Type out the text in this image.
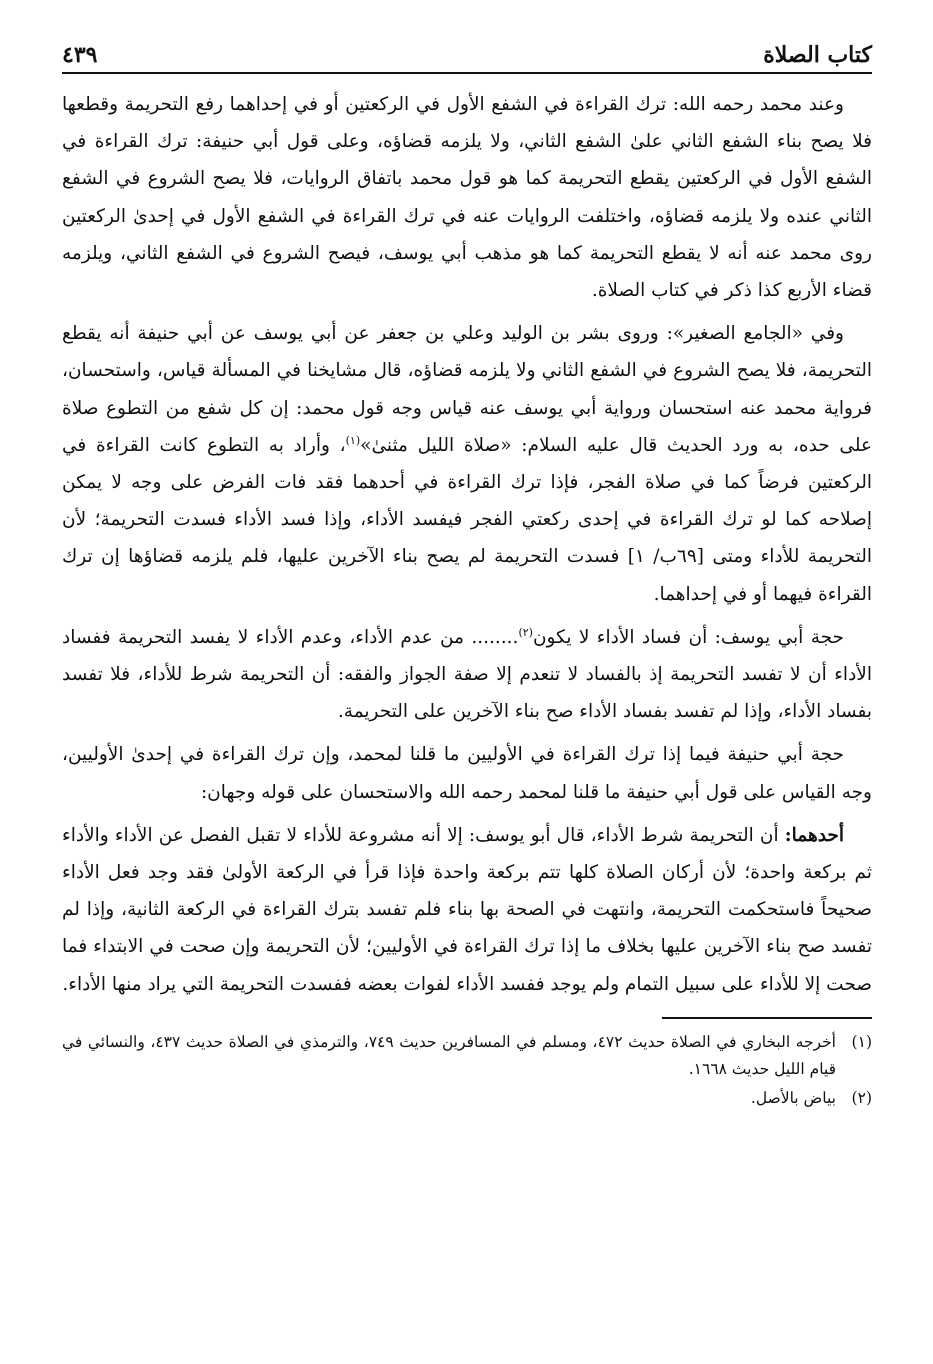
كتاب الصلاة
٤٣٩

وعند محمد رحمه الله: ترك القراءة في الشفع الأول في الركعتين أو في إحداهما رفع التحريمة وقطعها فلا يصح بناء الشفع الثاني علىٰ الشفع الثاني، ولا يلزمه قضاؤه، وعلى قول أبي حنيفة: ترك القراءة في الشفع الأول في الركعتين يقطع التحريمة كما هو قول محمد باتفاق الروايات، فلا يصح الشروع في الشفع الثاني عنده ولا يلزمه قضاؤه، واختلفت الروايات عنه في ترك القراءة في الشفع الأول في إحدىٰ الركعتين روى محمد عنه أنه لا يقطع التحريمة كما هو مذهب أبي يوسف، فيصح الشروع في الشفع الثاني، ويلزمه قضاء الأربع كذا ذكر في كتاب الصلاة.

وفي «الجامع الصغير»: وروى بشر بن الوليد وعلي بن جعفر عن أبي يوسف عن أبي حنيفة أنه يقطع التحريمة، فلا يصح الشروع في الشفع الثاني ولا يلزمه قضاؤه، قال مشايخنا في المسألة قياس، واستحسان، فرواية محمد عنه استحسان ورواية أبي يوسف عنه قياس وجه قول محمد: إن كل شفع من التطوع صلاة على حده، به ورد الحديث قال عليه السلام: «صلاة الليل مثنىٰ»$^{(١)}$، وأراد به التطوع كانت القراءة في الركعتين فرضاً كما في صلاة الفجر، فإذا ترك القراءة في أحدهما فقد فات الفرض على وجه لا يمكن إصلاحه كما لو ترك القراءة في إحدى ركعتي الفجر فيفسد الأداء، وإذا فسد الأداء فسدت التحريمة؛ لأن التحريمة للأداء ومتى [٦٩ب/ ١] فسدت التحريمة لم يصح بناء الآخرين عليها، فلم يلزمه قضاؤها إن ترك القراءة فيهما أو في إحداهما.

حجة أبي يوسف: أن فساد الأداء لا يكون$^{(٢)}$........ من عدم الأداء، وعدم الأداء لا يفسد التحريمة ففساد الأداء أن لا تفسد التحريمة إذ بالفساد لا تنعدم إلا صفة الجواز والفقه: أن التحريمة شرط للأداء، فلا تفسد بفساد الأداء، وإذا لم تفسد بفساد الأداء صح بناء الآخرين على التحريمة.

حجة أبي حنيفة فيما إذا ترك القراءة في الأوليين ما قلنا لمحمد، وإن ترك القراءة في إحدىٰ الأوليين، وجه القياس على قول أبي حنيفة ما قلنا لمحمد رحمه الله والاستحسان على قوله وجهان:

أحدهما: أن التحريمة شرط الأداء، قال أبو يوسف: إلا أنه مشروعة للأداء لا تقبل الفصل عن الأداء والأداء ثم بركعة واحدة؛ لأن أركان الصلاة كلها تتم بركعة واحدة فإذا قرأ في الركعة الأولىٰ فقد وجد فعل الأداء صحيحاً فاستحكمت التحريمة، وانتهت في الصحة بها بناء فلم تفسد بترك القراءة في الركعة الثانية، وإذا لم تفسد صح بناء الآخرين عليها بخلاف ما إذا ترك القراءة في الأوليين؛ لأن التحريمة وإن صحت في الابتداء فما صحت إلا للأداء على سبيل التمام ولم يوجد ففسد الأداء لفوات بعضه ففسدت التحريمة التي يراد منها الأداء.

(١)
أخرجه البخاري في الصلاة حديث ٤٧٢، ومسلم في المسافرين حديث ٧٤٩، والترمذي في الصلاة حديث ٤٣٧، والنسائي في قيام الليل حديث ١٦٦٨.
(٢)
بياض بالأصل.
